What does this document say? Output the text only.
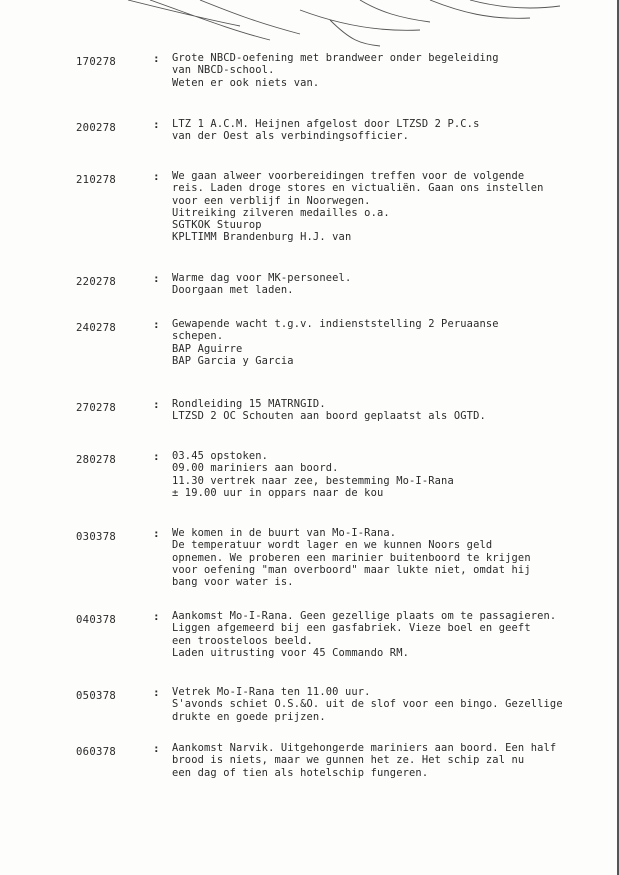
170278	: Grote NBCD-oefening met brandweer onder begeleiding
van NBCD-school.
Weten er ook niets van.
200278	: LTZ 1 A.C.M. Heijnen afgelost door LTZSD 2 P.C.s
van der Oest als verbindingsofficier.
210278	: We gaan alweer voorbereidingen treffen voor de volgende
reis. Laden droge stores en victualiën. Gaan ons instellen
voor een verblijf in Noorwegen.
Uitreiking zilveren medailles o.a.
SGTKOK Stuurop
KPLTIMM Brandenburg H.J. van
220278	: Warme dag voor MK-personeel.
Doorgaan met laden.
240278	: Gewapende wacht t.g.v. indienststelling 2 Peruaanse
schepen.
BAP Aguirre
BAP Garcia y Garcia
270278	: Rondleiding 15 MATRNGID.
LTZSD 2 OC Schouten aan boord geplaatst als OGTD.
280278	: 03.45 opstoken.
09.00 mariniers aan boord.
11.30 vertrek naar zee, bestemming Mo-I-Rana
± 19.00 uur in oppars naar de kou
030378	: We komen in de buurt van Mo-I-Rana.
De temperatuur wordt lager en we kunnen Noors geld
opnemen. We proberen een marinier buitenboord te krijgen
voor oefening "man overboord" maar lukte niet, omdat hij
bang voor water is.
040378	: Aankomst Mo-I-Rana. Geen gezellige plaats om te passagieren.
Liggen afgemeerd bij een gasfabriek. Vieze boel en geeft
een troosteloos beeld.
Laden uitrusting voor 45 Commando RM.
050378	: Vetrek Mo-I-Rana ten 11.00 uur.
S'avonds schiet O.S.&O. uit de slof voor een bingo. Gezellige
drukte en goede prijzen.
060378	: Aankomst Narvik. Uitgehongerde mariniers aan boord. Een half
brood is niets, maar we gunnen het ze. Het schip zal nu
een dag of tien als hotelschip fungeren.
